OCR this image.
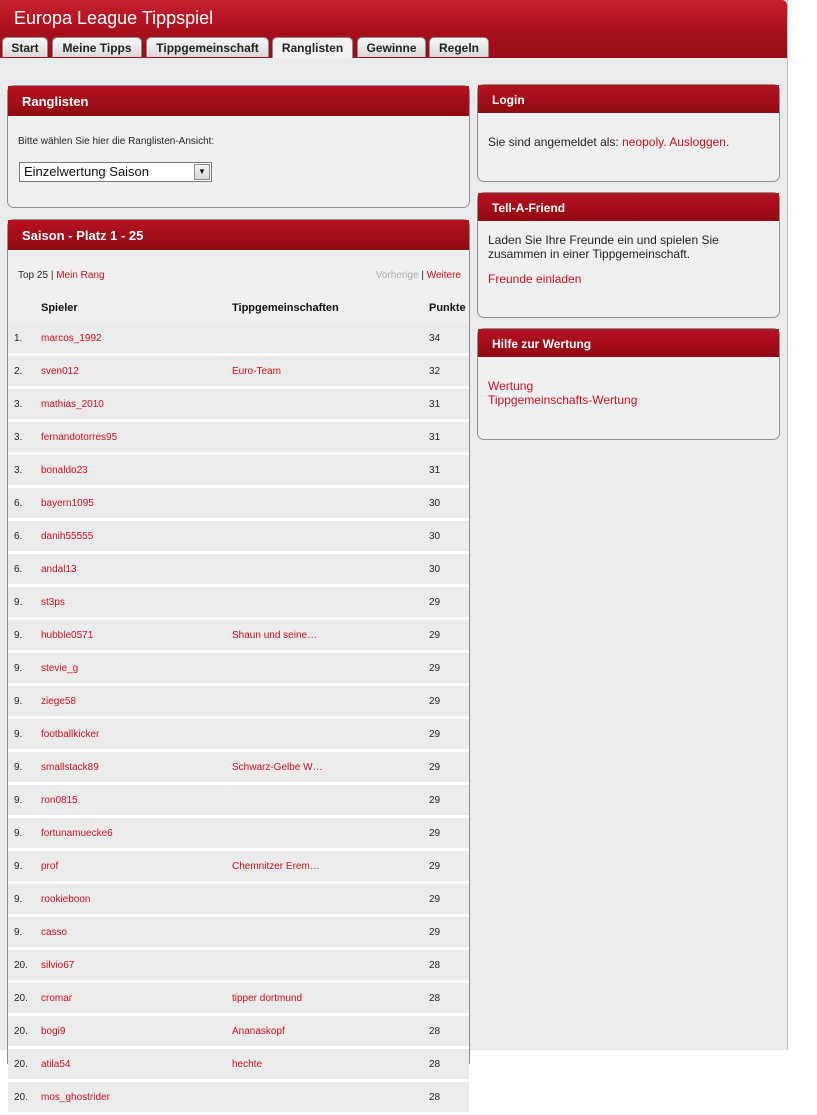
Europa League Tippspiel
Start	Meine Tipps	Tippgemeinschaft	Ranglisten	Gewinne	Regeln
Ranglisten
Bitte wählen Sie hier die Ranglisten-Ansicht:
Einzelwertung Saison	▼
Saison - Platz 1 - 25
Top 25 | Mein Rang	Vorherige | Weitere
	Spieler	Tippgemeinschaften	Punkte
1.	marcos_1992		34
2.	sven012	Euro-Team	32
3.	mathias_2010		31
3.	fernandotorres95		31
3.	bonaldo23		31
6.	bayern1095		30
6.	danih55555		30
6.	andal13		30
9.	st3ps		29
9.	hubble0571	Shaun und seine…	29
9.	stevie_g		29
9.	ziege58		29
9.	footballkicker		29
9.	smallstack89	Schwarz-Gelbe W…	29
9.	ron0815		29
9.	fortunamuecke6		29
9.	prof	Chemnitzer Erem…	29
9.	rookieboon		29
9.	casso		29
20.	silvio67		28
20.	cromar	tipper dortmund	28
20.	bogi9	Ananaskopf	28
20.	atila54	hechte	28
20.	mos_ghostrider		28
Login
Sie sind angemeldet als: neopoly. Ausloggen.
Tell-A-Friend
Laden Sie Ihre Freunde ein und spielen Sie zusammen in einer Tippgemeinschaft.
Freunde einladen
Hilfe zur Wertung
Wertung
Tippgemeinschafts-Wertung
